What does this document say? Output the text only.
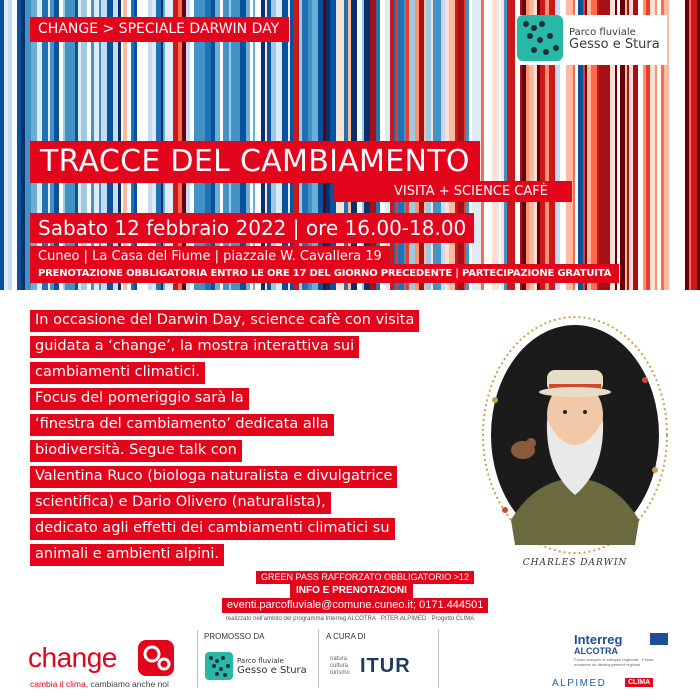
CHANGE > SPECIALE DARWIN DAY	Parco fluviale
Gesso e Stura
TRACCE DEL CAMBIAMENTO
VISITA + SCIENCE CAFÈ
Sabato 12 febbraio 2022 | ore 16.00-18.00
Cuneo | La Casa del Fiume | piazzale W. Cavallera 19
PRENOTAZIONE OBBLIGATORIA ENTRO LE ORE 17 DEL GIORNO PRECEDENTE | PARTECIPAZIONE GRATUITA
In occasione del Darwin Day, science cafè con visita
guidata a ‘change’, la mostra interattiva sui
cambiamenti climatici.
Focus del pomeriggio sarà la
‘finestra del cambiamento’ dedicata alla
biodiversità. Segue talk con
Valentina Ruco (biologa naturalista e divulgatrice
scientifica) e Dario Olivero (naturalista),
dedicato agli effetti dei cambiamenti climatici su
animali e ambienti alpini.
CHARLES DARWIN
GREEN PASS RAFFORZATO OBBLIGATORIO >12
INFO E PRENOTAZIONI
eventi.parcofluviale@comune.cuneo.it; 0171.444501
realizzato nell’ambito del programma Interreg ALCOTRA · PITER ALPIMED · Progetto CLIMA
change
cambia il clima, cambiamo anche noi
PROMOSSO DA
Parco fluviale
Gesso e Stura
A CURA DI
natura
cultura
turismo ITUR
Interreg
ALCOTRA
Fondo europeo di sviluppo regionale · Fonds européen de développement régional
ALPIMED	CLIMA
